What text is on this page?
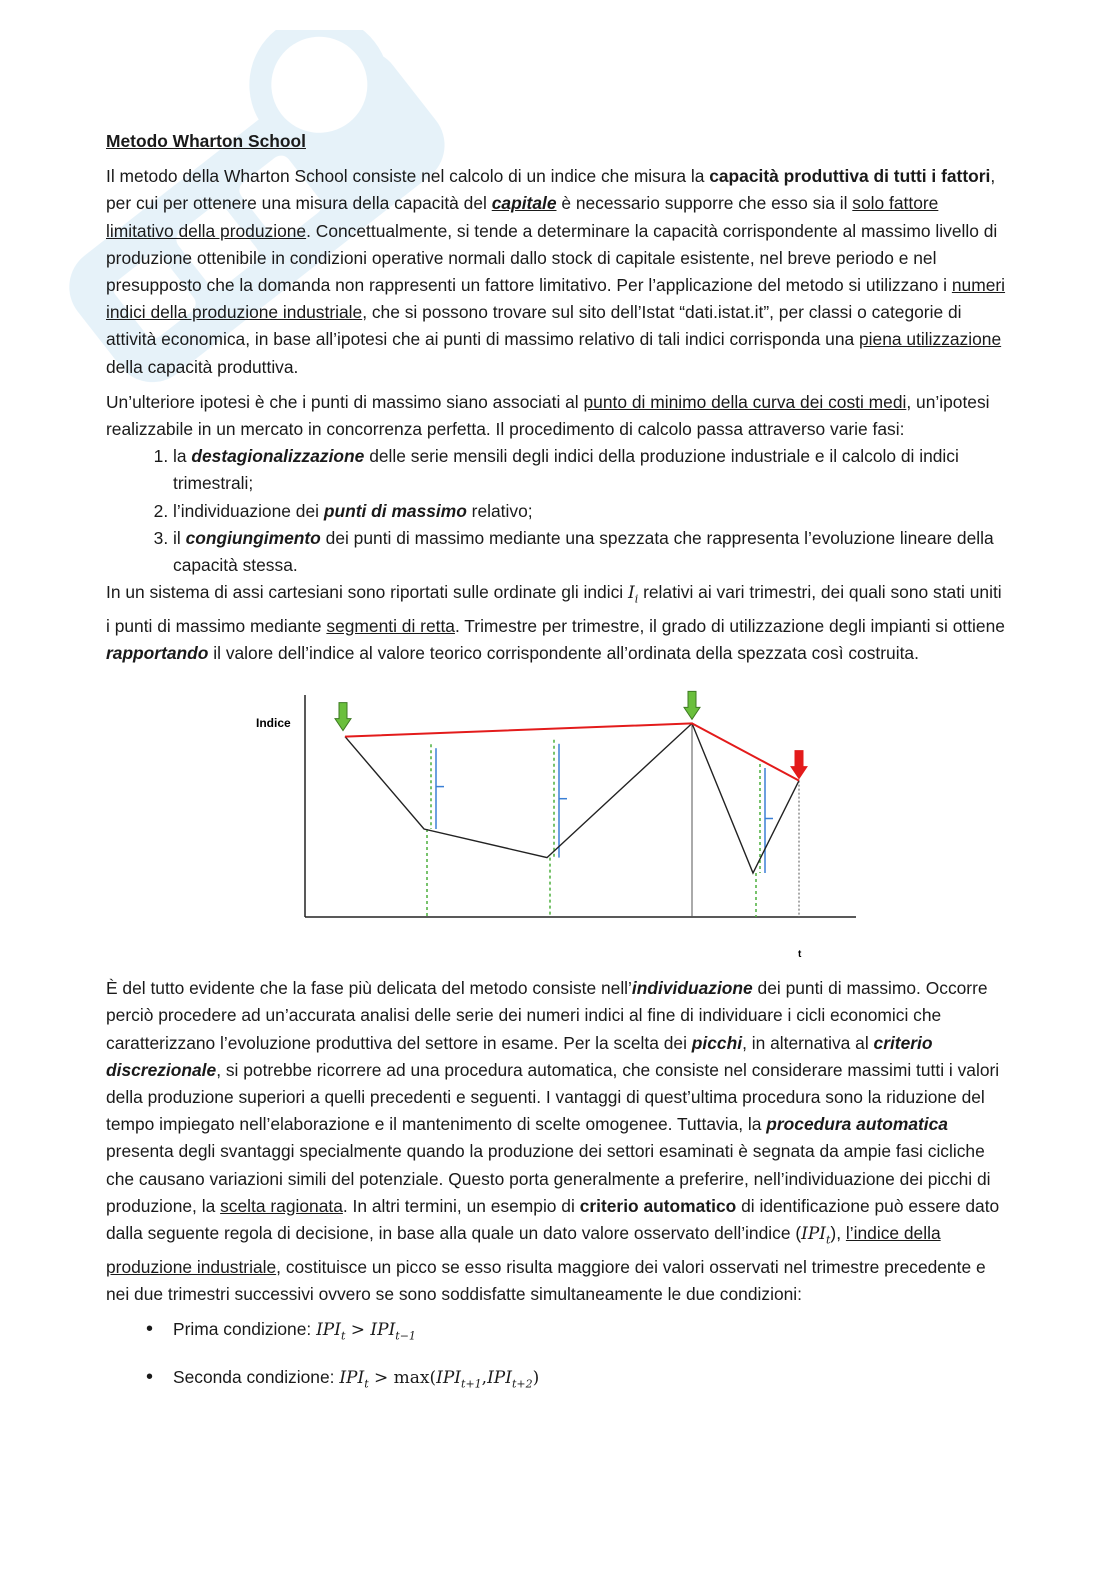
Metodo Wharton School

Il metodo della Wharton School consiste nel calcolo di un indice che misura la capacità produttiva di tutti i fattori, per cui per ottenere una misura della capacità del capitale è necessario supporre che esso sia il solo fattore limitativo della produzione. Concettualmente, si tende a determinare la capacità corrispondente al massimo livello di produzione ottenibile in condizioni operative normali dallo stock di capitale esistente, nel breve periodo e nel presupposto che la domanda non rappresenti un fattore limitativo. Per l’applicazione del metodo si utilizzano i numeri indici della produzione industriale, che si possono trovare sul sito dell’Istat “dati.istat.it”, per classi o categorie di attività economica, in base all’ipotesi che ai punti di massimo relativo di tali indici corrisponda una piena utilizzazione della capacità produttiva.

Un’ulteriore ipotesi è che i punti di massimo siano associati al punto di minimo della curva dei costi medi, un’ipotesi realizzabile in un mercato in concorrenza perfetta. Il procedimento di calcolo passa attraverso varie fasi:

1. la destagionalizzazione delle serie mensili degli indici della produzione industriale e il calcolo di indici trimestrali;
2. l’individuazione dei punti di massimo relativo;
3. il congiungimento dei punti di massimo mediante una spezzata che rappresenta l’evoluzione lineare della capacità stessa.

In un sistema di assi cartesiani sono riportati sulle ordinate gli indici $I_i$ relativi ai vari trimestri, dei quali sono stati uniti i punti di massimo mediante segmenti di retta. Trimestre per trimestre, il grado di utilizzazione degli impianti si ottiene rapportando il valore dell’indice al valore teorico corrispondente all’ordinata della spezzata così costruita.

Indice
t

È del tutto evidente che la fase più delicata del metodo consiste nell’individuazione dei punti di massimo. Occorre perciò procedere ad un’accurata analisi delle serie dei numeri indici al fine di individuare i cicli economici che caratterizzano l’evoluzione produttiva del settore in esame. Per la scelta dei picchi, in alternativa al criterio discrezionale, si potrebbe ricorrere ad una procedura automatica, che consiste nel considerare massimi tutti i valori della produzione superiori a quelli precedenti e seguenti. I vantaggi di quest’ultima procedura sono la riduzione del tempo impiegato nell’elaborazione e il mantenimento di scelte omogenee. Tuttavia, la procedura automatica presenta degli svantaggi specialmente quando la produzione dei settori esaminati è segnata da ampie fasi cicliche che causano variazioni simili del potenziale. Questo porta generalmente a preferire, nell’individuazione dei picchi di produzione, la scelta ragionata. In altri termini, un esempio di criterio automatico di identificazione può essere dato dalla seguente regola di decisione, in base alla quale un dato valore osservato dell’indice $(IPI_t)$, l’indice della produzione industriale, costituisce un picco se esso risulta maggiore dei valori osservati nel trimestre precedente e nei due trimestri successivi ovvero se sono soddisfatte simultaneamente le due condizioni:

• Prima condizione: $IPI_t > IPI_{t-1}$
• Seconda condizione: $IPI_t > \max(IPI_{t+1},IPI_{t+2})$
